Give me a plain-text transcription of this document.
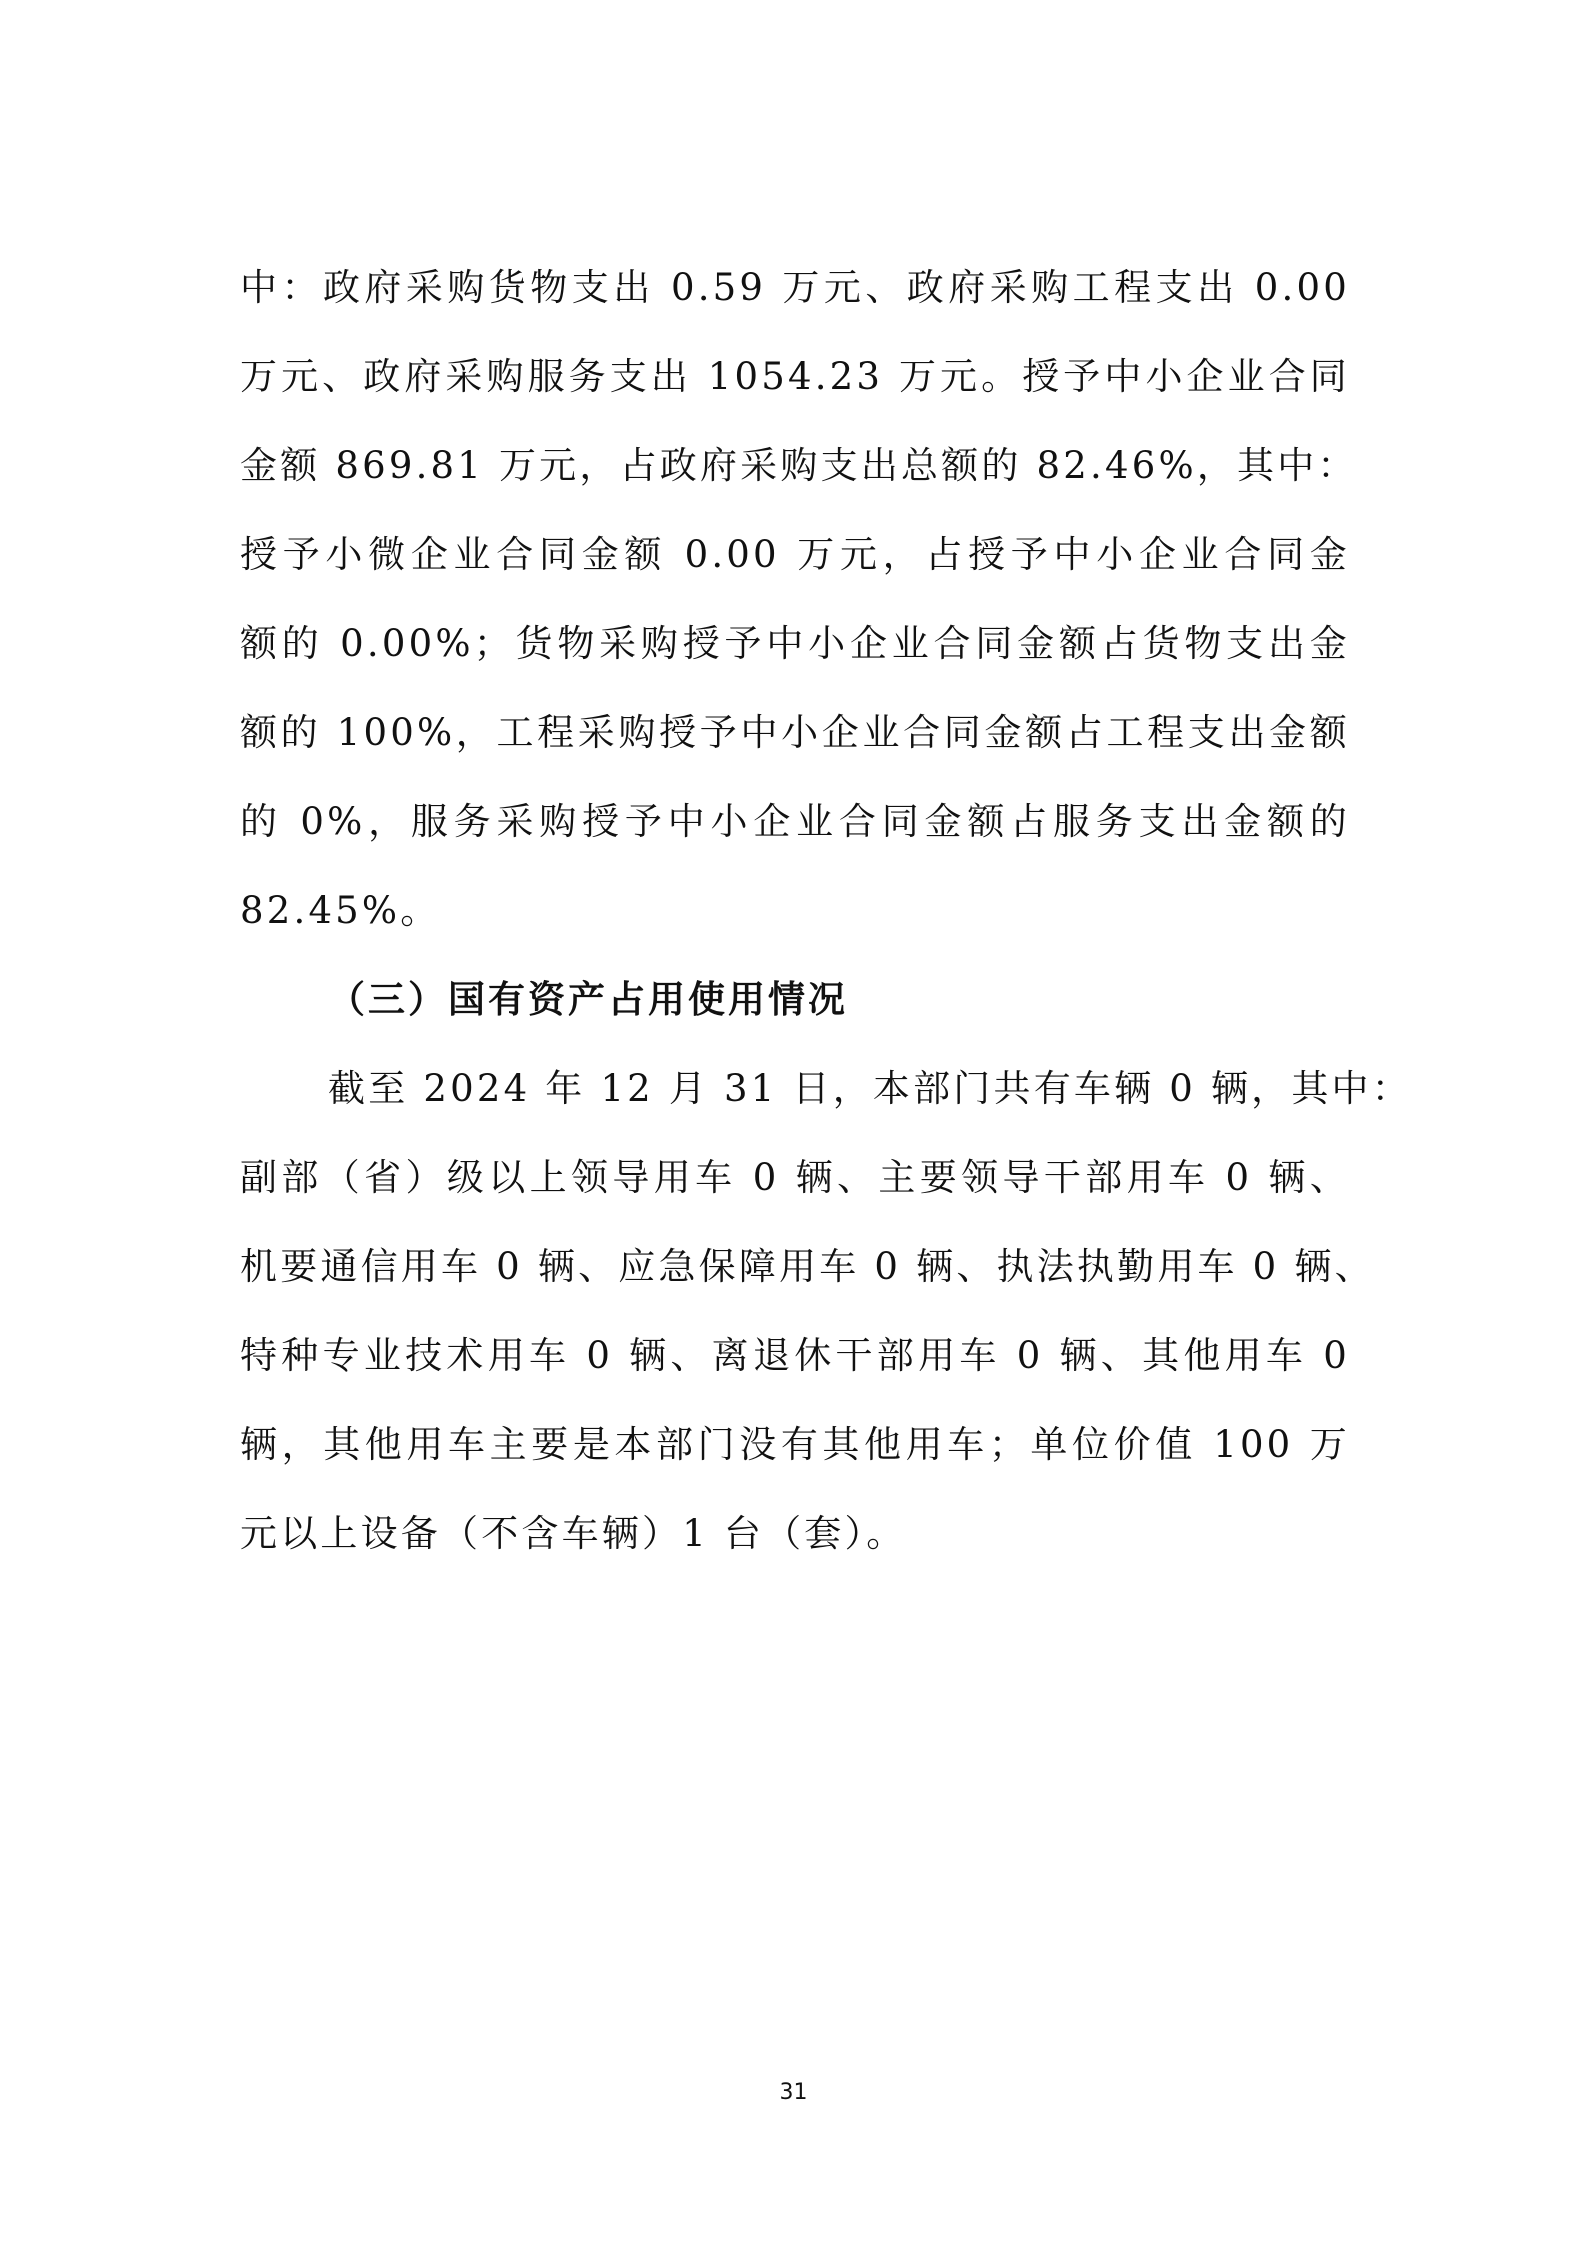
中：政府采购货物支出 0.59 万元、政府采购工程支出 0.00
万元、政府采购服务支出 1054.23 万元。授予中小企业合同
金额 869.81 万元，占政府采购支出总额的 82.46%，其中：
授予小微企业合同金额 0.00 万元，占授予中小企业合同金
额的 0.00%；货物采购授予中小企业合同金额占货物支出金
额的 100%，工程采购授予中小企业合同金额占工程支出金额
的 0%，服务采购授予中小企业合同金额占服务支出金额的
82.45%。

（三）国有资产占用使用情况

截至 2024 年 12 月 31 日，本部门共有车辆 0 辆，其中：
副部（省）级以上领导用车 0 辆、主要领导干部用车 0 辆、
机要通信用车 0 辆、应急保障用车 0 辆、执法执勤用车 0 辆、
特种专业技术用车 0 辆、离退休干部用车 0 辆、其他用车 0
辆，其他用车主要是本部门没有其他用车；单位价值 100 万
元以上设备（不含车辆）1 台（套）。

31
